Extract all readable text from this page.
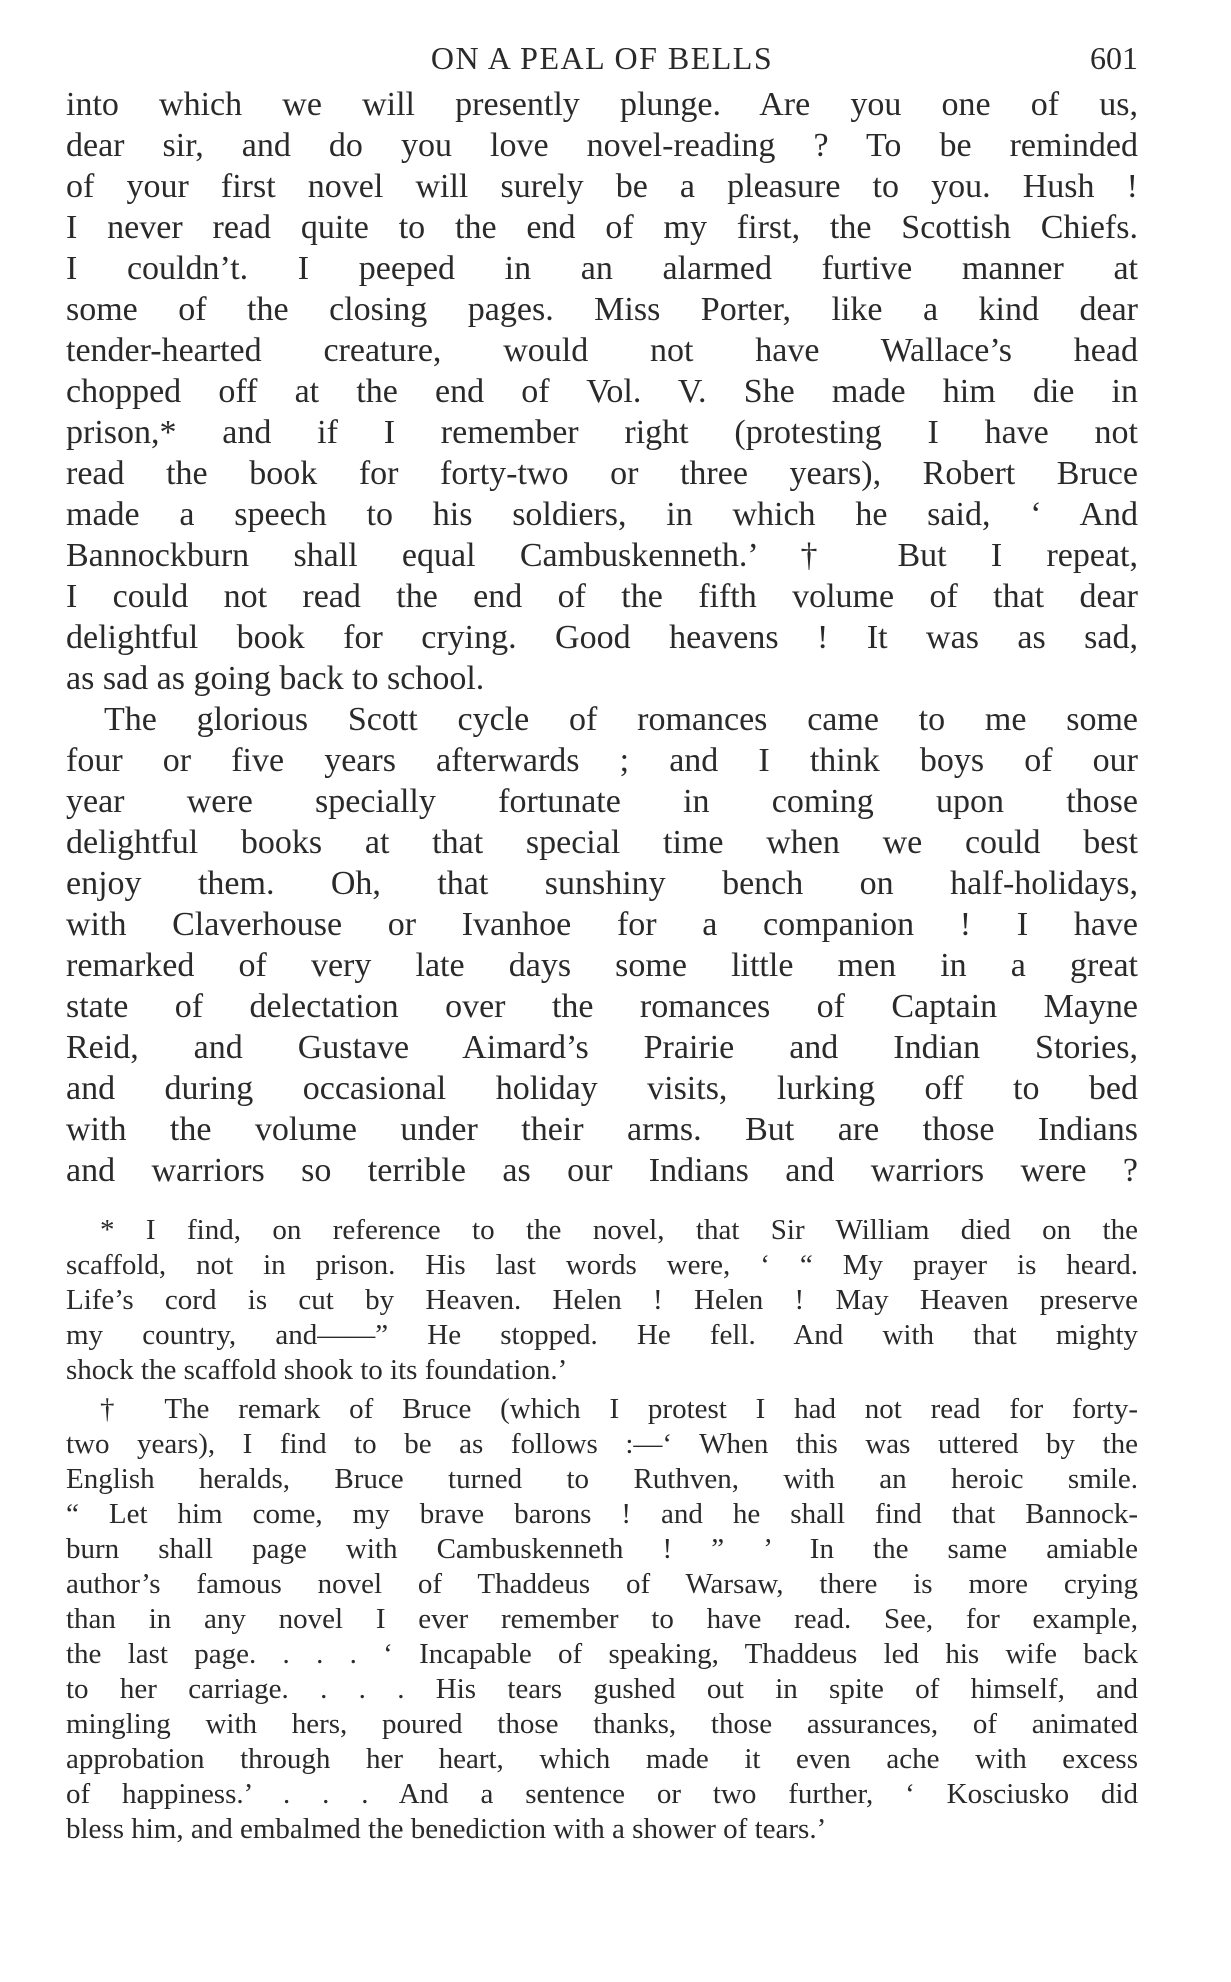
ON A PEAL OF BELLS	601
into which we will presently plunge. Are you one of us,
dear sir, and do you love novel-reading ? To be reminded
of your first novel will surely be a pleasure to you. Hush !
I never read quite to the end of my first, the Scottish Chiefs.
I couldn’t. I peeped in an alarmed furtive manner at
some of the closing pages. Miss Porter, like a kind dear
tender-hearted creature, would not have Wallace’s head
chopped off at the end of Vol. V. She made him die in
prison,* and if I remember right (protesting I have not
read the book for forty-two or three years), Robert Bruce
made a speech to his soldiers, in which he said, ‘ And
Bannockburn shall equal Cambuskenneth.’ † But I repeat,
I could not read the end of the fifth volume of that dear
delightful book for crying. Good heavens ! It was as sad,
as sad as going back to school.
The glorious Scott cycle of romances came to me some
four or five years afterwards ; and I think boys of our
year were specially fortunate in coming upon those
delightful books at that special time when we could best
enjoy them. Oh, that sunshiny bench on half-holidays,
with Claverhouse or Ivanhoe for a companion ! I have
remarked of very late days some little men in a great
state of delectation over the romances of Captain Mayne
Reid, and Gustave Aimard’s Prairie and Indian Stories,
and during occasional holiday visits, lurking off to bed
with the volume under their arms. But are those Indians
and warriors so terrible as our Indians and warriors were ?
* I find, on reference to the novel, that Sir William died on the
scaffold, not in prison. His last words were, ‘ “ My prayer is heard.
Life’s cord is cut by Heaven. Helen ! Helen ! May Heaven preserve
my country, and——” He stopped. He fell. And with that mighty
shock the scaffold shook to its foundation.’
† The remark of Bruce (which I protest I had not read for forty-
two years), I find to be as follows :—‘ When this was uttered by the
English heralds, Bruce turned to Ruthven, with an heroic smile.
“ Let him come, my brave barons ! and he shall find that Bannock-
burn shall page with Cambuskenneth ! ” ’ In the same amiable
author’s famous novel of Thaddeus of Warsaw, there is more crying
than in any novel I ever remember to have read. See, for example,
the last page. . . . ‘ Incapable of speaking, Thaddeus led his wife back
to her carriage. . . . His tears gushed out in spite of himself, and
mingling with hers, poured those thanks, those assurances, of animated
approbation through her heart, which made it even ache with excess
of happiness.’ . . . And a sentence or two further, ‘ Kosciusko did
bless him, and embalmed the benediction with a shower of tears.’
